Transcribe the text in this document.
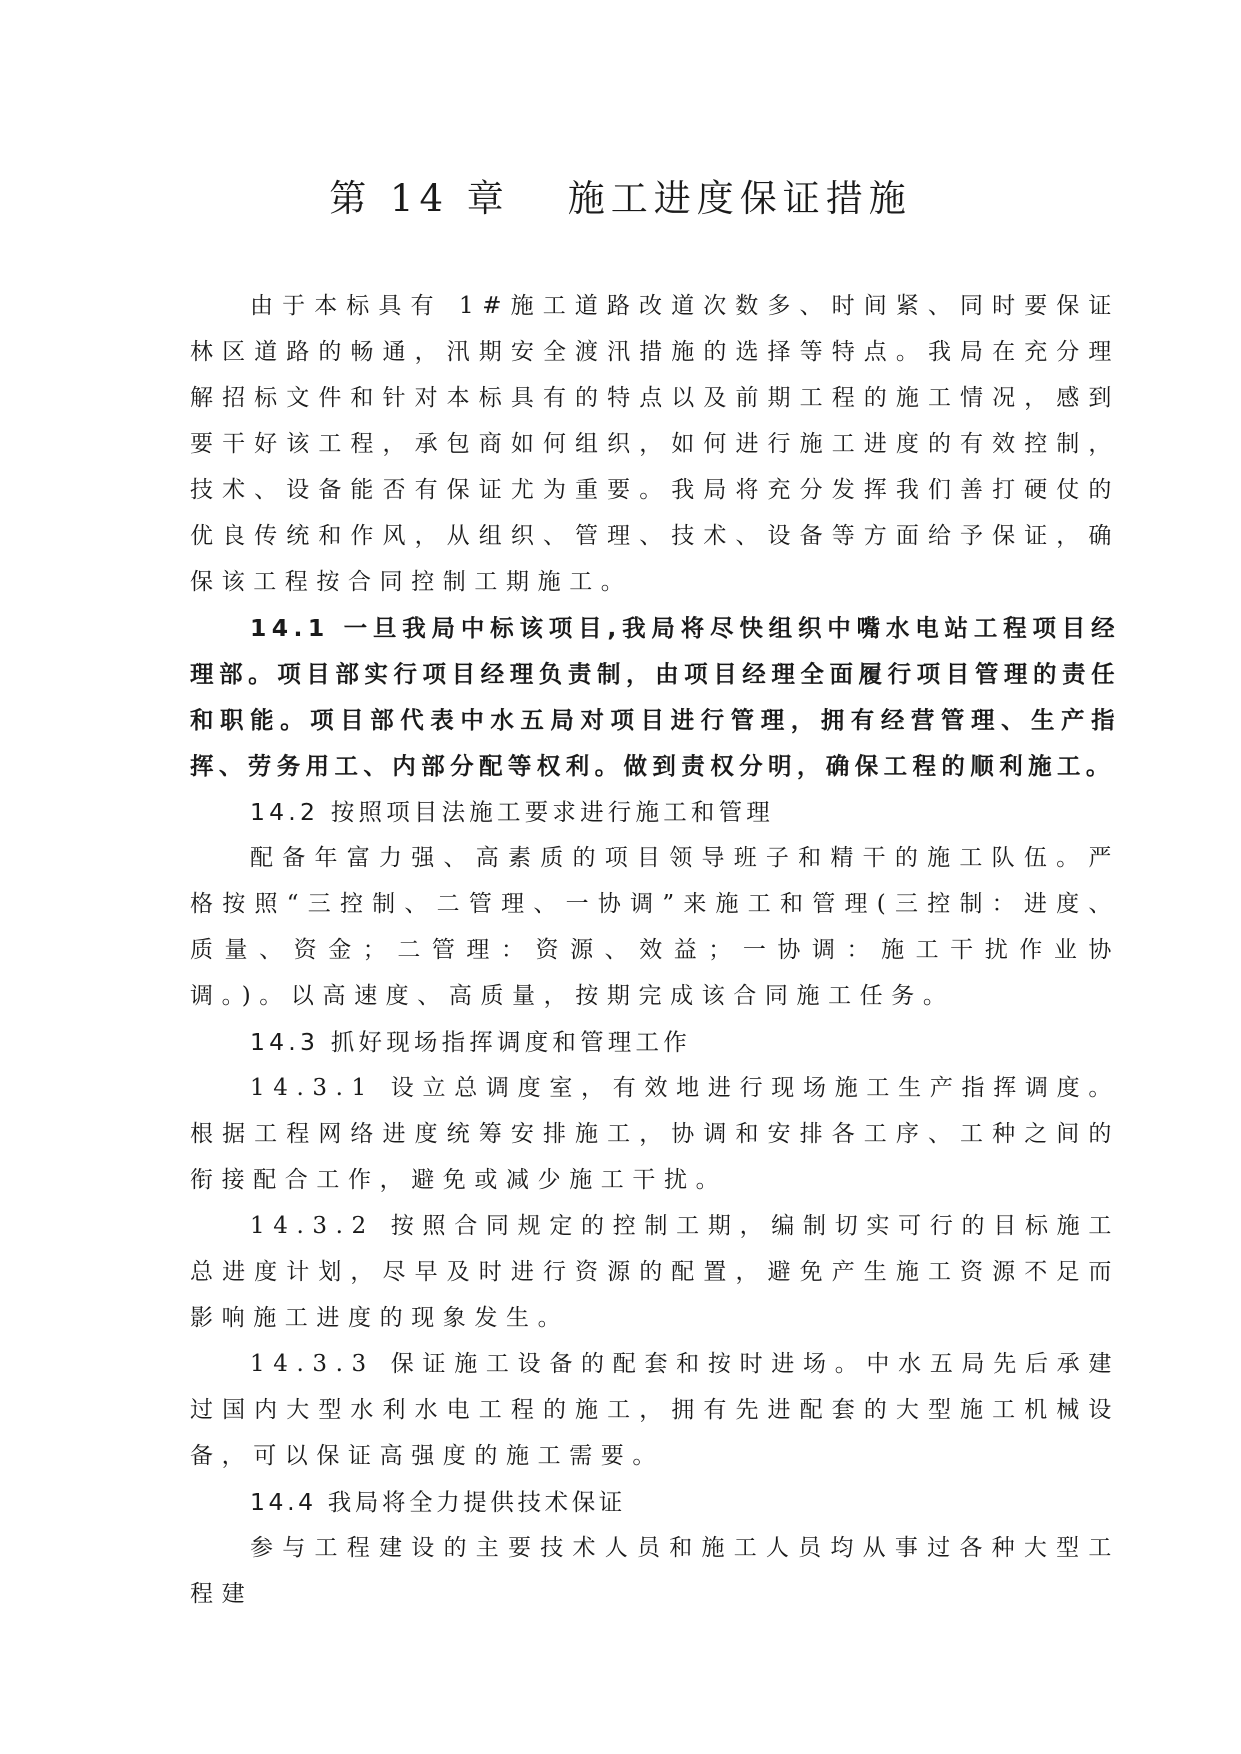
第 14 章 施工进度保证措施

由于本标具有 1#施工道路改道次数多、时间紧、同时要保证林区道路的畅通，汛期安全渡汛措施的选择等特点。我局在充分理解招标文件和针对本标具有的特点以及前期工程的施工情况，感到要干好该工程，承包商如何组织，如何进行施工进度的有效控制，技术、设备能否有保证尤为重要。我局将充分发挥我们善打硬仗的优良传统和作风，从组织、管理、技术、设备等方面给予保证，确保该工程按合同控制工期施工。

14.1 一旦我局中标该项目,我局将尽快组织中嘴水电站工程项目经理部。项目部实行项目经理负责制，由项目经理全面履行项目管理的责任和职能。项目部代表中水五局对项目进行管理，拥有经营管理、生产指挥、劳务用工、内部分配等权利。做到责权分明，确保工程的顺利施工。

14.2 按照项目法施工要求进行施工和管理

配备年富力强、高素质的项目领导班子和精干的施工队伍。严格按照“三控制、二管理、一协调”来施工和管理(三控制：进度、质量、资金；二管理：资源、效益；一协调：施工干扰作业协调。)。以高速度、高质量，按期完成该合同施工任务。

14.3 抓好现场指挥调度和管理工作

14.3.1 设立总调度室，有效地进行现场施工生产指挥调度。根据工程网络进度统筹安排施工，协调和安排各工序、工种之间的衔接配合工作，避免或减少施工干扰。

14.3.2 按照合同规定的控制工期，编制切实可行的目标施工总进度计划，尽早及时进行资源的配置，避免产生施工资源不足而影响施工进度的现象发生。

14.3.3 保证施工设备的配套和按时进场。中水五局先后承建过国内大型水利水电工程的施工，拥有先进配套的大型施工机械设备，可以保证高强度的施工需要。

14.4 我局将全力提供技术保证

参与工程建设的主要技术人员和施工人员均从事过各种大型工程建
